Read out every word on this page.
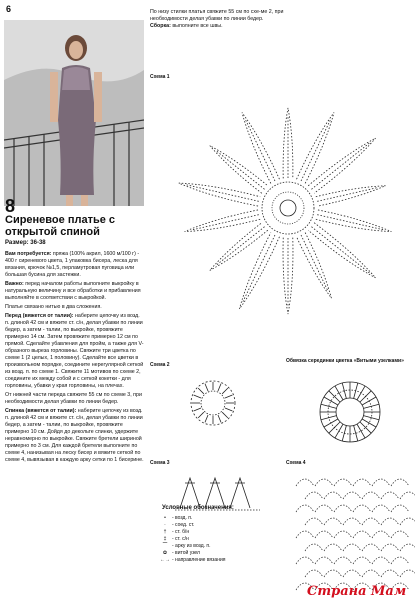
6
8
Сиреневое платье с открытой спиной
Размер: 36-38

Вам потребуется: пряжа (100% акрил, 1600 м/100 г) - 400 г сиреневого цвета, 1 упаковка бисера, леска для вязания, крючок №1,5, перламутровая пуговица или большая бусина для застежки.

Важно: перед началом работы выполните выкройку в натуральную величину и все обработки и прибавления выполняйте в соответствии с выкройкой.

Платье связано нитью в два сложения.

Перед (вяжется от талии): наберите цепочку из возд. п. длиной 42 см и вяжите ст. с/н, делая убавки по линии бедер, а затем - талии, по выкройке, провяжите примерно 14 см. Затем провяжите примерно 12 см по прямой. Сделайте убавления для пройм, а также для V-образного выреза горловины. Свяжите три цветка по схеме 1 (2 целых, 1 половину). Сделайте все цветки в произвольном порядке, соедините нерегулярной сеткой из возд. п. по схеме 1. Свяжите 11 мотивов по схеме 2, соедините их между собой и с сеткой кокетки - для горловины, убавки у края горловины, на плечах.

От нижней части переда свяжите 55 см по схеме 3, при необходимости делая убавки по линии бедер.

Спинка (вяжется от талии): наберите цепочку из возд. п. длиной 42 см и вяжите ст. с/н, делая убавки по линии бедер, а затем - талии, по выкройке, провяжите примерно 10 см. Дойдя до декольте спинки, удержите неравномерно по выкройке. Свяжите бретели шириной примерно по 3 см. Для каждой бретели выполните по схеме 4, нанизывая на леску бисер и вяжите сеткой по схеме 4, вывязывая в каждую арку сетки по 1 бисерине.

По низу стилки платья свяжите 55 см по схе-ме 2, при необходимости делая убавки по линии бедер.

Сборка: выполните все швы.

Схема 1
Схема 2
Обвязка серединки цветка «Витыми узелками»
Схема 3	Схема 4
Условные обозначения:
• - возд. п.
· - соед. ст.
† - ст. б/н
‡ - ст. с/н
⁀ - арку из возд. п.
✿ - витой узел
←→ - направление вязания
Страна Мам
